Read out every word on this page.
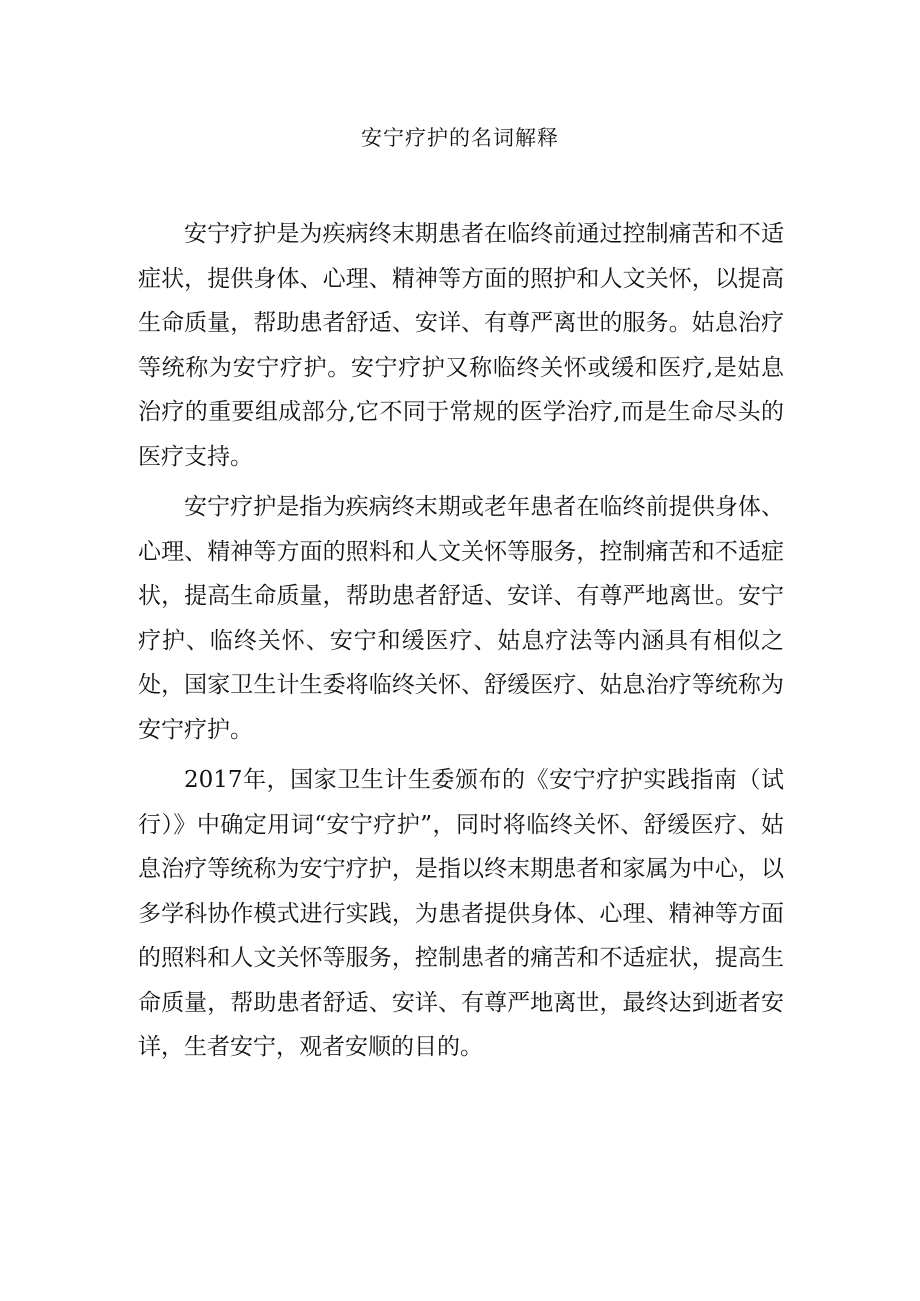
安宁疗护的名词解释

安宁疗护是为疾病终末期患者在临终前通过控制痛苦和不适症状，提供身体、心理、精神等方面的照护和人文关怀，以提高生命质量，帮助患者舒适、安详、有尊严离世的服务。姑息治疗等统称为安宁疗护。安宁疗护又称临终关怀或缓和医疗,是姑息治疗的重要组成部分,它不同于常规的医学治疗,而是生命尽头的医疗支持。

安宁疗护是指为疾病终末期或老年患者在临终前提供身体、心理、精神等方面的照料和人文关怀等服务，控制痛苦和不适症状，提高生命质量，帮助患者舒适、安详、有尊严地离世。安宁疗护、临终关怀、安宁和缓医疗、姑息疗法等内涵具有相似之处，国家卫生计生委将临终关怀、舒缓医疗、姑息治疗等统称为安宁疗护。

2017年，国家卫生计生委颁布的《安宁疗护实践指南（试行）》中确定用词“安宁疗护”，同时将临终关怀、舒缓医疗、姑息治疗等统称为安宁疗护，是指以终末期患者和家属为中心，以多学科协作模式进行实践，为患者提供身体、心理、精神等方面的照料和人文关怀等服务，控制患者的痛苦和不适症状，提高生命质量，帮助患者舒适、安详、有尊严地离世，最终达到逝者安详，生者安宁，观者安顺的目的。
